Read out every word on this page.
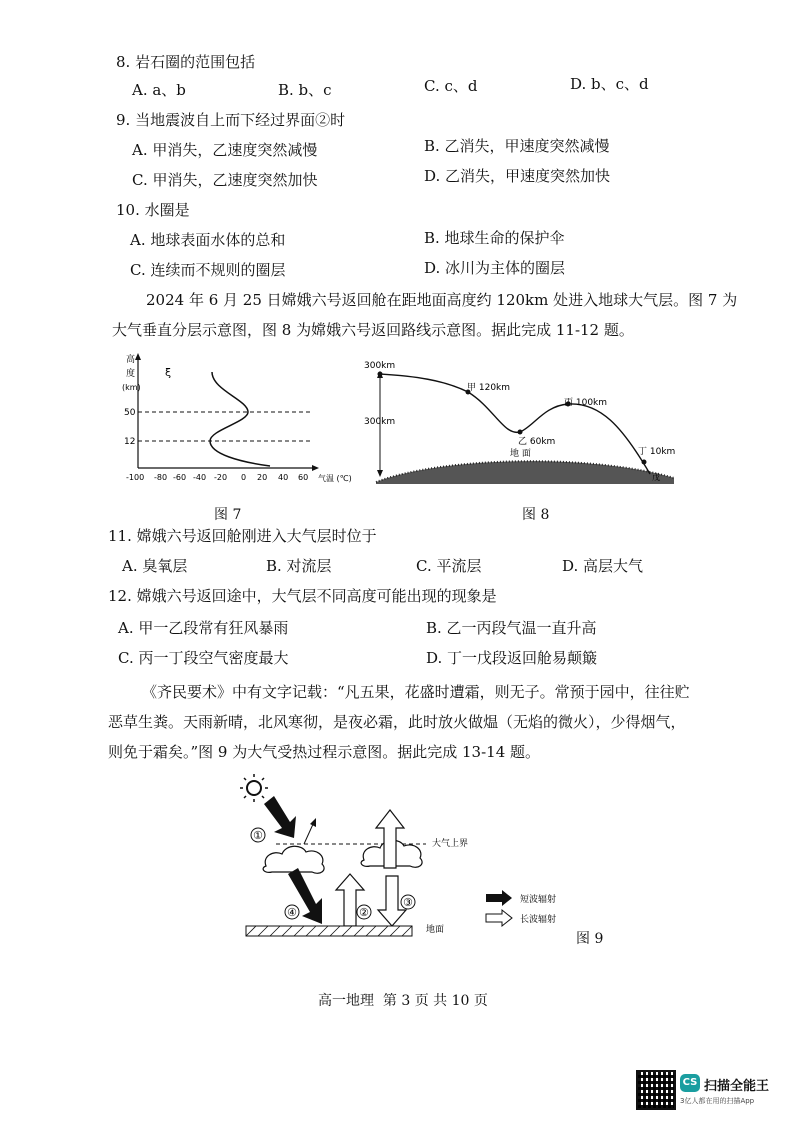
8. 岩石圈的范围包括
A. a、b	B. b、c	C. c、d	D. b、c、d
9. 当地震波自上而下经过界面②时
A. 甲消失，乙速度突然减慢	B. 乙消失，甲速度突然减慢
C. 甲消失，乙速度突然加快	D. 乙消失，甲速度突然加快
10. 水圈是
A. 地球表面水体的总和	B. 地球生命的保护伞
C. 连续而不规则的圈层	D. 冰川为主体的圈层
2024 年 6 月 25 日嫦娥六号返回舱在距地面高度约 120km 处进入地球大气层。图 7 为
大气垂直分层示意图，图 8 为嫦娥六号返回路线示意图。据此完成 11-12 题。
高
度
(km)
50
12
ξ
-100 -80 -60 -40 -20 0 20 40 60 气温 (℃)
图 7
300km
300km
地 面
甲 120km
乙 60km
丙 100km
丁 10km
戊
图 8
11. 嫦娥六号返回舱刚进入大气层时位于
A. 臭氧层	B. 对流层	C. 平流层	D. 高层大气
12. 嫦娥六号返回途中，大气层不同高度可能出现的现象是
A. 甲一乙段常有狂风暴雨	B. 乙一丙段气温一直升高
C. 丙一丁段空气密度最大	D. 丁一戊段返回舱易颠簸
《齐民要术》中有文字记载：“凡五果，花盛时遭霜，则无子。常预于园中，往往贮
恶草生粪。天雨新晴，北风寒彻，是夜必霜，此时放火做煴（无焰的微火），少得烟气，
则免于霜矣。”图 9 为大气受热过程示意图。据此完成 13-14 题。
大气上界
①
②
③
④
地面
短波辐射
长波辐射
图 9
高一地理  第 3 页 共 10 页
CS 扫描全能王
3亿人都在用的扫描App
